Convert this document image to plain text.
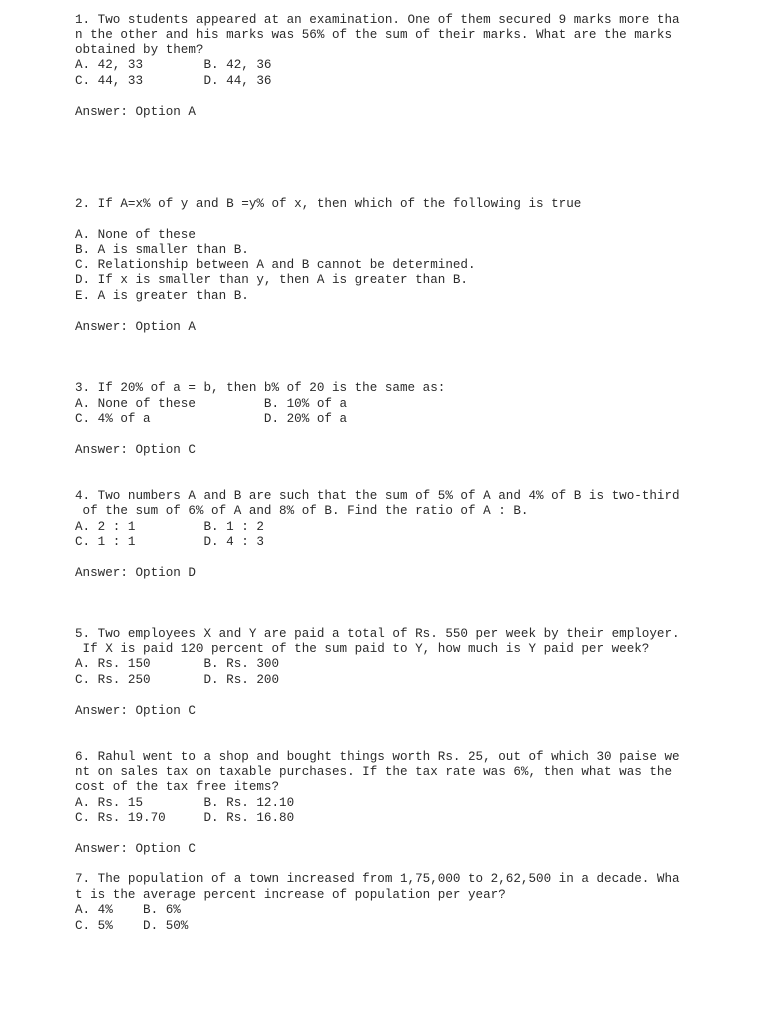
1. Two students appeared at an examination. One of them secured 9 marks more tha

n the other and his marks was 56% of the sum of their marks. What are the marks

obtained by them?

A. 42, 33        B. 42, 36

C. 44, 33        D. 44, 36

Answer: Option A

2. If A=x% of y and B =y% of x, then which of the following is true

A. None of these

B. A is smaller than B.

C. Relationship between A and B cannot be determined.

D. If x is smaller than y, then A is greater than B.

E. A is greater than B.

Answer: Option A

3. If 20% of a = b, then b% of 20 is the same as:

A. None of these         B. 10% of a

C. 4% of a               D. 20% of a

Answer: Option C

4. Two numbers A and B are such that the sum of 5% of A and 4% of B is two-third

of the sum of 6% of A and 8% of B. Find the ratio of A : B.

A. 2 : 1         B. 1 : 2

C. 1 : 1         D. 4 : 3

Answer: Option D

5. Two employees X and Y are paid a total of Rs. 550 per week by their employer.

If X is paid 120 percent of the sum paid to Y, how much is Y paid per week?

A. Rs. 150       B. Rs. 300

C. Rs. 250       D. Rs. 200

Answer: Option C

6. Rahul went to a shop and bought things worth Rs. 25, out of which 30 paise we

nt on sales tax on taxable purchases. If the tax rate was 6%, then what was the

cost of the tax free items?

A. Rs. 15        B. Rs. 12.10

C. Rs. 19.70     D. Rs. 16.80

Answer: Option C

7. The population of a town increased from 1,75,000 to 2,62,500 in a decade. Wha

t is the average percent increase of population per year?

A. 4%    B. 6%

C. 5%    D. 50%
